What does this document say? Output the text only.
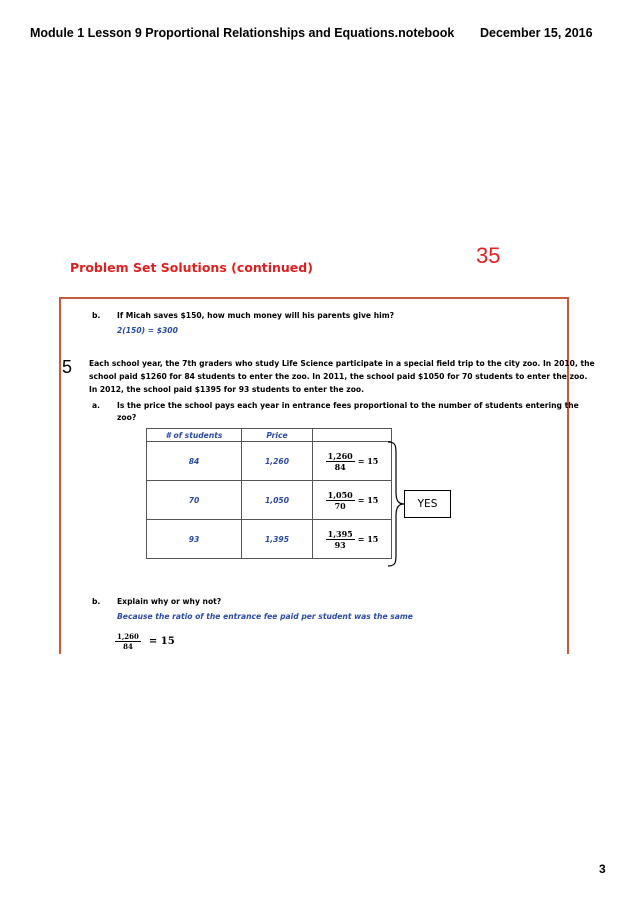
Module 1 Lesson 9 Proportional Relationships and Equations.notebook December 15, 2016
35
Problem Set Solutions (continued)
b. If Micah saves $150, how much money will his parents give him?
2(150) = $300
5 Each school year, the 7th graders who study Life Science participate in a special field trip to the city zoo. In 2010, the
school paid $1260 for 84 students to enter the zoo. In 2011, the school paid $1050 for 70 students to enter the zoo.
In 2012, the school paid $1395 for 93 students to enter the zoo.
a. Is the price the school pays each year in entrance fees proportional to the number of students entering the
zoo?
# of students	Price	
84	1,260	$\frac{1,260}{84} = 15$

70	1,050	$\frac{1,050}{70} = 15$

93	1,395	$\frac{1,395}{93} = 15$
YES
b. Explain why or why not?
Because the ratio of the entrance fee paid per student was the same
$\frac{1,260}{84} = 15$
3
